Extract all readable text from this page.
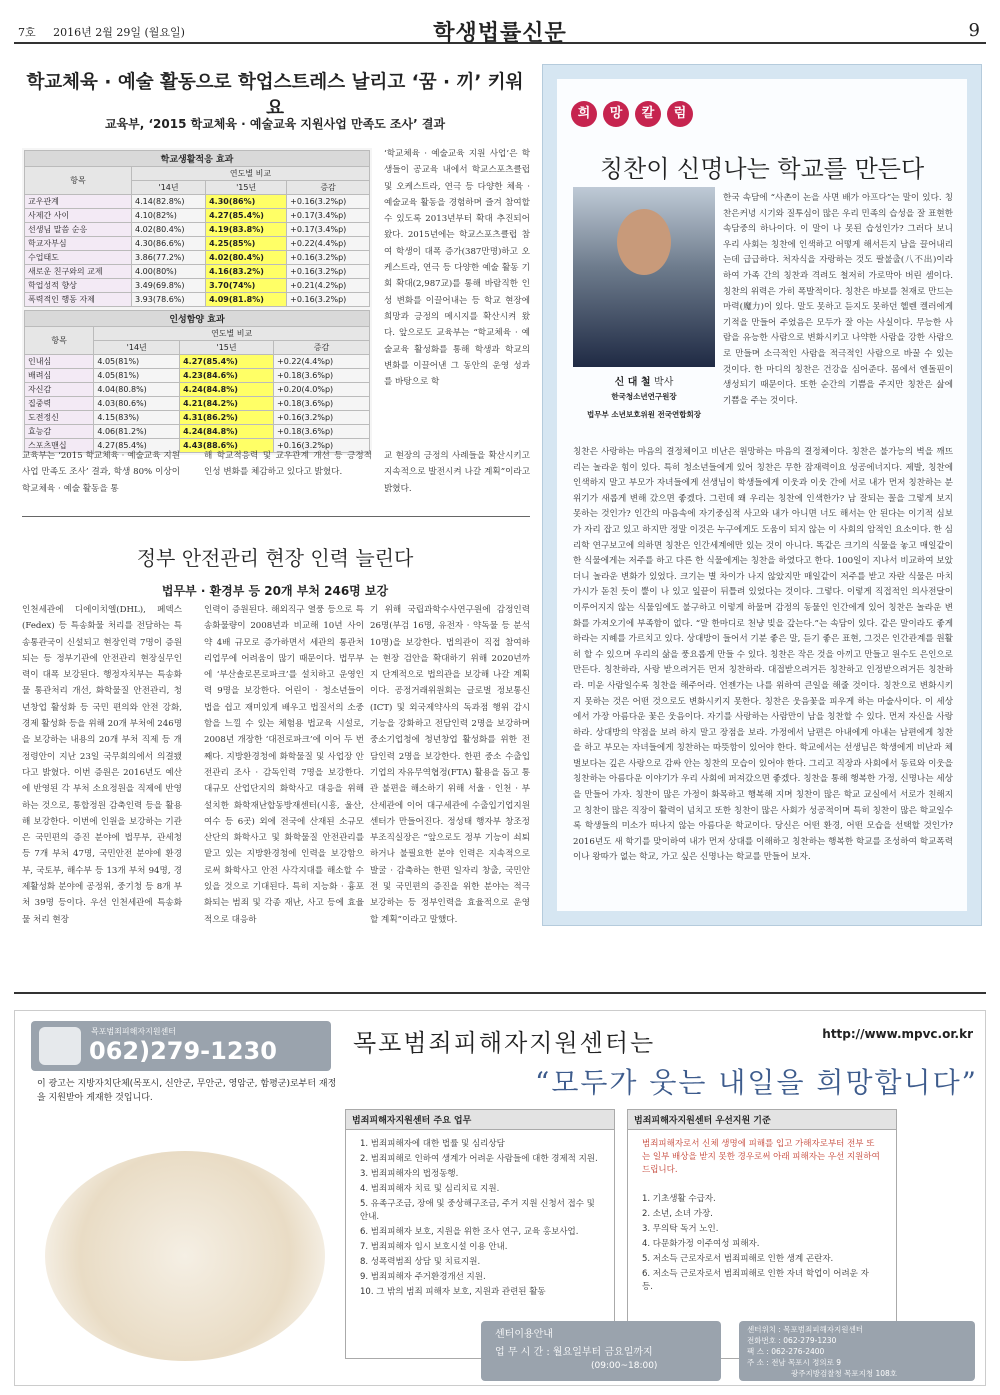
7호 2016년 2월 29일 (월요일)	학생법률신문	9
학교체육 · 예술 활동으로 학업스트레스 날리고 ‘꿈 · 끼’ 키워요
교육부, ‘2015 학교체육 · 예술교육 지원사업 만족도 조사’ 결과
학교생활적응 효과			
항목	연도별 비교		
	'14년	'15년	증감
교우관계	4.14(82.8%)	4.30(86%)	+0.16(3.2%p)
사제간 사이	4.10(82%)	4.27(85.4%)	+0.17(3.4%p)
선생님 말씀 순응	4.02(80.4%)	4.19(83.8%)	+0.17(3.4%p)
학교자부심	4.30(86.6%)	4.25(85%)	+0.22(4.4%p)
수업태도	3.86(77.2%)	4.02(80.4%)	+0.16(3.2%p)
새로운 친구와의 교제	4.00(80%)	4.16(83.2%)	+0.16(3.2%p)
학업성적 향상	3.49(69.8%)	3.70(74%)	+0.21(4.2%p)
폭력적인 행동 자제	3.93(78.6%)	4.09(81.8%)	+0.16(3.2%p)
인성함양 효과			
항목	연도별 비교		
	'14년	'15년	증감
인내심	4.05(81%)	4.27(85.4%)	+0.22(4.4%p)
배려심	4.05(81%)	4.23(84.6%)	+0.18(3.6%p)
자신감	4.04(80.8%)	4.24(84.8%)	+0.20(4.0%p)
집중력	4.03(80.6%)	4.21(84.2%)	+0.18(3.6%p)
도전정신	4.15(83%)	4.31(86.2%)	+0.16(3.2%p)
효능감	4.06(81.2%)	4.24(84.8%)	+0.18(3.6%p)
스포츠맨십	4.27(85.4%)	4.43(88.6%)	+0.16(3.2%p)
‘학교체육 · 예술교육 지원 사업’은 학생들이 공교육 내에서 학교스포츠클럽 및 오케스트라, 연극 등 다양한 체육 · 예술교육 활동을 경험하며 즐겨 참여할 수 있도록 2013년부터 확대 추진되어 왔다. 2015년에는 학교스포츠클럽 참여 학생이 대폭 증가(387만명)하고 오케스트라, 연극 등 다양한 예술 활동 기회 확대(2,987교)를 통해 바람직한 인성 변화를 이끌어내는 등 학교 현장에 희망과 긍정의 메시지를 확산시켜 왔다. 앞으로도 교육부는 “학교체육 · 예술교육 활성화를 통해 학생과 학교의 변화를 이끌어낸 그 동안의 운영 성과를 바탕으로 학
교육부는 ‘2015 학교체육 · 예술교육 지원 사업 만족도 조사’ 결과, 학생 80% 이상이 학교체육 · 예술 활동을 통
해 학교적응력 및 교우관계 개선 등 긍정적 인성 변화를 체감하고 있다고 밝혔다.
교 현장의 긍정의 사례들을 확산시키고 지속적으로 발전시켜 나갈 계획”이라고 밝혔다.
정부 안전관리 현장 인력 늘린다
법무부 · 환경부 등 20개 부처 246명 보강
인천세관에 디에이치엘(DHL), 페덱스(Fedex) 등 특송화물 처리를 전담하는 특송통관국이 신설되고 현장인력 7명이 증원되는 등 정부기관에 안전관리 현장실무인력이 대폭 보강된다. 행정자치부는 특송화물 통관처리 개선, 화학물질 안전관리, 청년창업 활성화 등 국민 편의와 안전 강화, 경제 활성화 등을 위해 20개 부처에 246명을 보강하는 내용의 20개 부처 직제 등 개정령안이 지난 23일 국무회의에서 의결됐다고 밝혔다. 이번 증원은 2016년도 예산에 반영된 각 부처 소요정원을 직제에 반영하는 것으로, 통합정원 감축인력 등을 활용해 보강한다. 이번에 인원을 보강하는 기관은 국민편의 증진 분야에 법무부, 관세청 등 7개 부처 47명, 국민안전 분야에 환경부, 국토부, 해수부 등 13개 부처 94명, 경제활성화 분야에 공정위, 중기청 등 8개 부처 39명 등이다. 우선 인천세관에 특송화물 처리 현장
인력이 증원된다. 해외직구 열풍 등으로 특송화물량이 2008년과 비교해 10년 사이 약 4배 규모로 증가하면서 세관의 통관처리업무에 어려움이 많기 때문이다. 법무부에 ‘부산솔로몬로파크’를 설치하고 운영인력 9명을 보강한다. 어린이 · 청소년들이 법을 쉽고 재미있게 배우고 법질서의 소중함을 느낄 수 있는 체험용 법교육 시설로, 2008년 개장한 ‘대전로파크’에 이어 두 번째다. 지방환경청에 화학물질 및 사업장 안전관리 조사 · 감독인력 7명을 보강한다. 대규모 산업단지의 화학사고 대응을 위해 설치한 화학재난합동방재센터(시흥, 울산, 여수 등 6곳) 외에 전국에 산재된 소규모 산단의 화학사고 및 화학물질 안전관리를 맡고 있는 지방환경청에 인력을 보강함으로써 화학사고 안전 사각지대를 해소할 수 있을 것으로 기대된다. 특히 지능화 · 흉포화되는 범죄 및 각종 재난, 사고 등에 효율적으로 대응하
기 위해 국립과학수사연구원에 감정인력 26명(부검 16명, 유전자 · 약독물 등 분석 10명)을 보강한다. 법의관이 직접 참여하는 현장 검안을 확대하기 위해 2020년까지 단계적으로 법의관을 보강해 나갈 계획이다. 공정거래위원회는 글로벌 정보통신(ICT) 및 외국제약사의 독과점 행위 감시 기능을 강화하고 전담인력 2명을 보강하며 중소기업청에 청년창업 활성화를 위한 전담인력 2명을 보강한다. 한편 중소 수출입기업의 자유무역협정(FTA) 활용을 돕고 통관 불편을 해소하기 위해 서울 · 인천 · 부산세관에 이어 대구세관에 수출입기업지원센터가 만들어진다. 정성태 행자부 창조정부조직실장은 “앞으로도 정부 기능이 쇠퇴하거나 불필요한 분야 인력은 지속적으로 발굴 · 감축하는 한편 일자리 창출, 국민안전 및 국민편의 증진을 위한 분야는 적극 보강하는 등 정부인력을 효율적으로 운영할 계획”이라고 말했다.
희 망 칼 럼
칭찬이 신명나는 학교를 만든다
신 대 철 박사
한국청소년연구원장
법무부 소년보호위원 전국연합회장
한국 속담에 “사촌이 논을 사면 배가 아프다”는 말이 있다. 칭찬은커녕 시기와 질투심이 많은 우리 민족의 습성을 잘 표현한 속담중의 하나이다. 이 말이 나 못된 습성인가? 그러다 보니 우리 사회는 칭찬에 인색하고 어떻게 해서든지 남을 끌어내리는데 급급하다. 처자식을 자랑하는 것도 팔불출(八不出)이라 하여 가족 간의 칭찬과 격려도 철저히 가로막아 버린 셈이다. 칭찬의 위력은 가히 폭발적이다. 칭찬은 바보를 천재로 만드는 마력(魔力)이 있다. 말도 못하고 듣지도 못하던 헬렌 켈러에게 기적을 만들어 주었음은 모두가 잘 아는 사실이다. 무능한 사람을 유능한 사람으로 변화시키고 나약한 사람을 강한 사람으로 만들며 소극적인 사람을 적극적인 사람으로 바꿀 수 있는 것이다. 한 마디의 칭찬은 건강을 심어준다. 몸에서 엔돌핀이 생성되기 때문이다. 또한 순간의 기쁨을 주지만 칭찬은 삶에 기쁨을 주는 것이다.
칭찬은 사랑하는 마음의 결정체이고 비난은 원망하는 마음의 결정체이다. 칭찬은 불가능의 벽을 깨뜨리는 놀라운 힘이 있다. 특히 청소년들에게 있어 칭찬은 무한 잠재력이요 성공에너지다. 제발, 칭찬에 인색하지 말고 부모가 자녀들에게 선생님이 학생들에게 이웃과 이웃 간에 서로 내가 먼저 칭찬하는 분위기가 새롭게 변해 갔으면 좋겠다. 그런데 왜 우리는 칭찬에 인색한가? 남 잘되는 꼴을 그렇게 보지 못하는 것인가? 인간의 마음속에 자기중심적 사고와 내가 아니면 너도 해서는 안 된다는 이기적 심보가 자리 잡고 있고 하지만 정말 이것은 누구에게도 도움이 되지 않는 이 사회의 암적인 요소이다. 한 심리학 연구보고에 의하면 칭찬은 인간세계에만 있는 것이 아니다. 똑같은 크기의 식물을 놓고 매일같이 한 식물에게는 저주를 하고 다른 한 식물에게는 칭찬을 하였다고 한다. 100일이 지나서 비교하여 보았더니 놀라운 변화가 있었다. 크기는 별 차이가 나지 않았지만 매일같이 저주를 받고 자란 식물은 마치 가시가 돋친 듯이 뿔이 나 있고 잎끝이 뒤틀려 있었다는 것이다. 그렇다. 이렇게 직접적인 의사전달이 이루어지지 않는 식물임에도 불구하고 이렇게 하물며 감정의 동물인 인간에게 있어 칭찬은 놀라운 변화를 가져오기에 부족함이 없다. “말 한마디로 천냥 빚을 갚는다.”는 속담이 있다. 같은 말이라도 좋게 하라는 지혜를 가르치고 있다. 상대방이 들어서 기분 좋은 말, 듣기 좋은 표현, 그것은 인간관계를 원활히 할 수 있으며 우리의 삶을 풍요롭게 만들 수 있다. 칭찬은 작은 것을 아끼고 만들고 원수도 은인으로 만든다. 칭찬하라, 사랑 받으려거든 먼저 칭찬하라. 대접받으려거든 칭찬하고 인정받으려거든 칭찬하라. 미운 사람일수록 칭찬을 해주어라. 언젠가는 나를 위하여 큰일을 해줄 것이다. 칭찬으로 변화시키지 못하는 것은 어떤 것으로도 변화시키지 못한다. 칭찬은 웃음꽃을 피우게 하는 마술사이다. 이 세상에서 가장 아름다운 꽃은 웃음이다. 자기를 사랑하는 사람만이 남을 칭찬할 수 있다. 먼저 자신을 사랑하라. 상대방의 약점을 보려 하지 말고 장점을 보라. 가정에서 남편은 아내에게 아내는 남편에게 칭찬을 하고 부모는 자녀들에게 칭찬하는 따뜻함이 있어야 한다. 학교에서는 선생님은 학생에게 비난과 체벌보다는 깊은 사랑으로 감싸 안는 칭찬의 모습이 있어야 한다. 그리고 직장과 사회에서 동료와 이웃을 칭찬하는 아름다운 이야기가 우리 사회에 퍼져갔으면 좋겠다. 칭찬을 통해 행복한 가정, 신명나는 세상을 만들어 가자. 칭찬이 많은 가정이 화목하고 행복해 지며 칭찬이 많은 학교 교실에서 서로가 친해지고 칭찬이 많은 직장이 활력이 넘치고 또한 칭찬이 많은 사회가 성공적이며 특히 칭찬이 많은 학교일수록 학생들의 미소가 떠나지 않는 아름다운 학교이다. 당신은 어떤 환경, 어떤 모습을 선택할 것인가? 2016년도 새 학기를 맞이하여 내가 먼저 상대를 이해하고 칭찬하는 행복한 학교를 조성하여 학교폭력이나 왕따가 없는 학교, 가고 싶은 신명나는 학교를 만들어 보자.
목포범죄피해자지원센터
062)279-1230	목포범죄피해자지원센터는	http://www.mpvc.or.kr
“모두가 웃는 내일을 희망합니다”
이 광고는 지방자치단체(목포시, 신안군, 무안군, 영암군, 함평군)로부터 재정을 지원받아 게재한 것입니다.
범죄피해자지원센터 주요 업무
1. 범죄피해자에 대한 법률 및 심리상담
2. 범죄피해로 인하여 생계가 어려운 사람들에 대한 경제적 지원.
3. 범죄피해자의 법정동행.
4. 범죄피해자 치료 및 심리치료 지원.
5. 유족구조금, 장애 및 중상해구조금, 주거 지원 신청서 접수 및 안내.
6. 범죄피해자 보호, 지원을 위한 조사 연구, 교육 홍보사업.
7. 범죄피해자 임시 보호시설 이용 안내.
8. 성폭력범죄 상담 및 치료지원.
9. 범죄피해자 주거환경개선 지원.
10. 그 밖의 범죄 피해자 보호, 지원과 관련된 활동
범죄피해자지원센터 우선지원 기준
범죄피해자로서 신체 생명에 피해를 입고 가해자로부터 전부 또는 일부 배상을 받지 못한 경우로써 아래 피해자는 우선 지원하여 드립니다.
1. 기초생활 수급자.
2. 소년, 소녀 가장.
3. 무의탁 독거 노인.
4. 다문화가정 이주여성 피해자.
5. 저소득 근로자로서 범죄피해로 인한 생계 곤란자.
6. 저소득 근로자로서 범죄피해로 인한 자녀 학업이 어려운 자 등.
센터이용안내
업 무 시 간 : 월요일부터 금요일까지
(09:00~18:00)
센터위치 : 목포범죄피해자지원센터
전화번호 : 062-279-1230
팩 스 : 062-276-2400
주 소 : 전남 목포시 정의로 9
광주지방검찰청 목포지청 108호
